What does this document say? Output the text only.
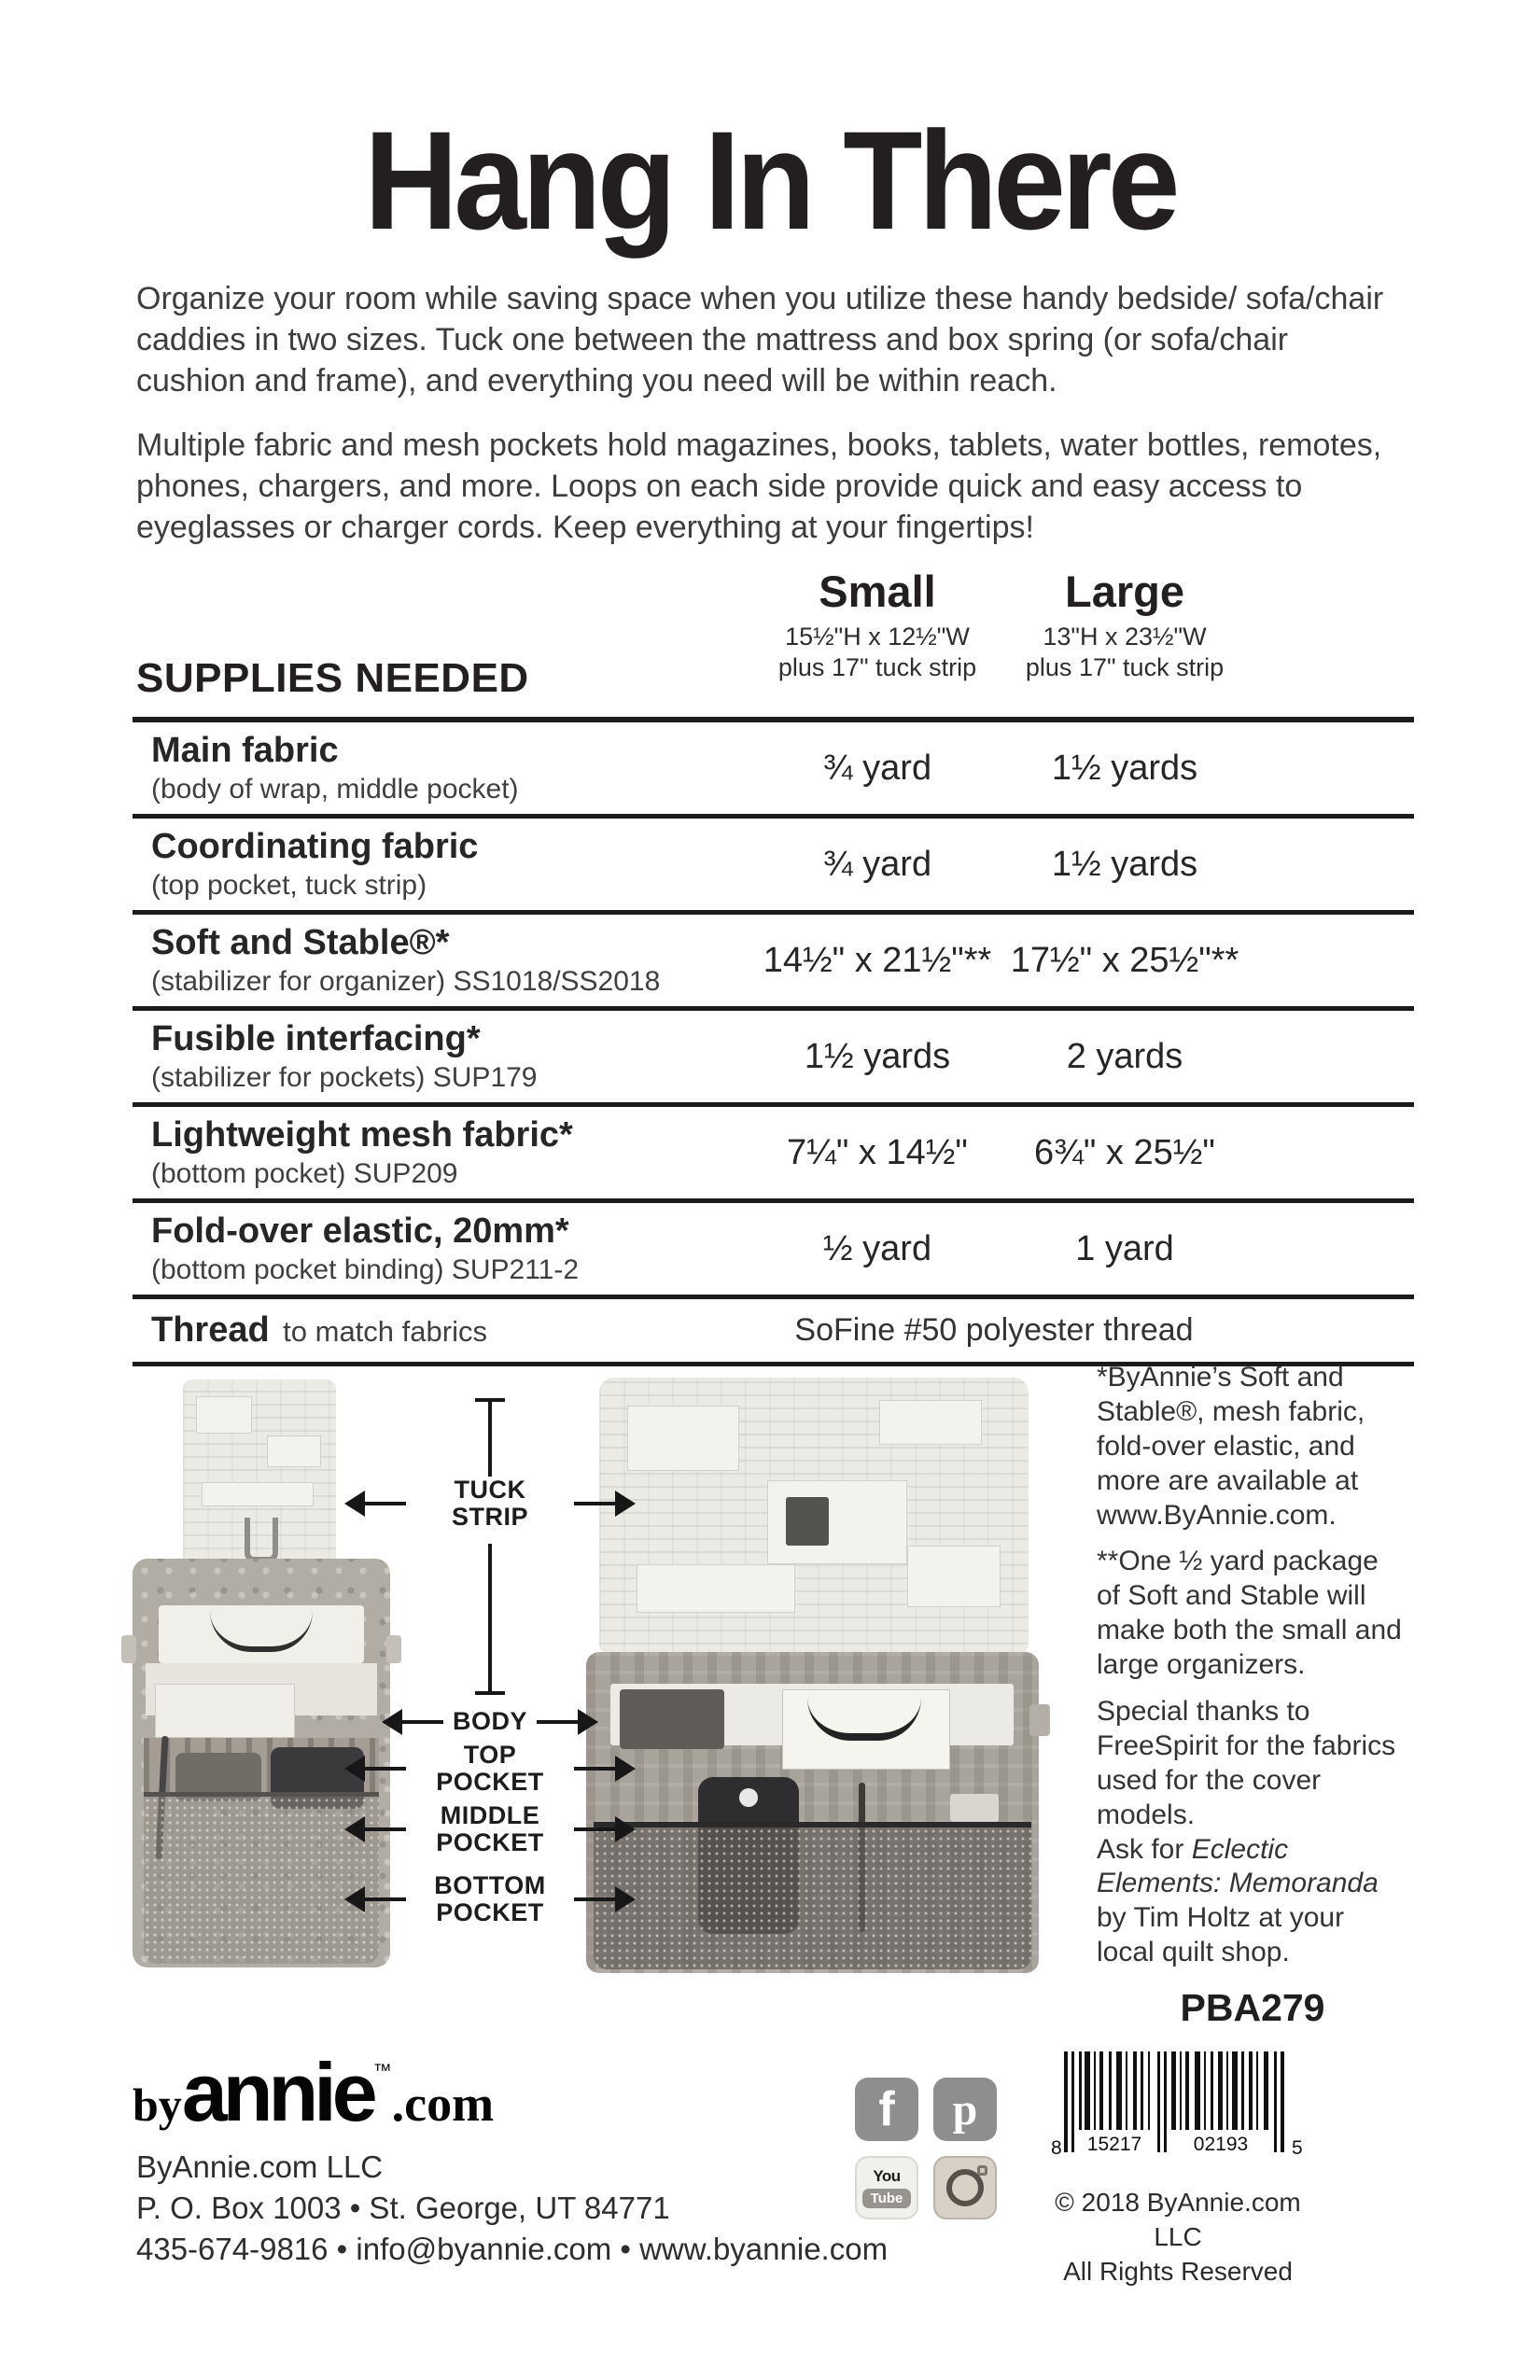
Hang In There

Organize your room while saving space when you utilize these handy bedside/ sofa/chair caddies in two sizes. Tuck one between the mattress and box spring (or sofa/chair cushion and frame), and everything you need will be within reach.

Multiple fabric and mesh pockets hold magazines, books, tablets, water bottles, remotes, phones, chargers, and more. Loops on each side provide quick and easy access to eyeglasses or charger cords. Keep everything at your fingertips!

SUPPLIES NEEDED
Small
15½"H x 12½"W
plus 17" tuck strip
Large
13"H x 23½"W
plus 17" tuck strip
Main fabric
(body of wrap, middle pocket)
¾ yard	1½ yards
Coordinating fabric
(top pocket, tuck strip)
¾ yard	1½ yards
Soft and Stable®*
(stabilizer for organizer) SS1018/SS2018
14½" x 21½"** 17½" x 25½"**
Fusible interfacing*
(stabilizer for pockets) SUP179
1½ yards	2 yards
Lightweight mesh fabric*
(bottom pocket) SUP209
7¼" x 14½"	6¾" x 25½"
Fold-over elastic, 20mm*
(bottom pocket binding) SUP211-2
½ yard	1 yard
Thread to match fabrics	SoFine #50 polyester thread
TUCK STRIP
BODY
TOP POCKET
MIDDLE POCKET
BOTTOM POCKET

*ByAnnie’s Soft and Stable®, mesh fabric, fold-over elastic, and more are available at www.ByAnnie.com.

**One ½ yard package of Soft and Stable will make both the small and large organizers.

Special thanks to FreeSpirit for the fabrics used for the cover models.

Ask for Eclectic Elements: Memoranda by Tim Holtz at your local quilt shop.

PBA279
by annie ™
.com
ByAnnie.com LLC
P. O. Box 1003 • St. George, UT 84771
435-674-9816 • info@byannie.com • www.byannie.com
f p
You
Tube
8 15217	02193 5
© 2018 ByAnnie.com LLC
All Rights Reserved
